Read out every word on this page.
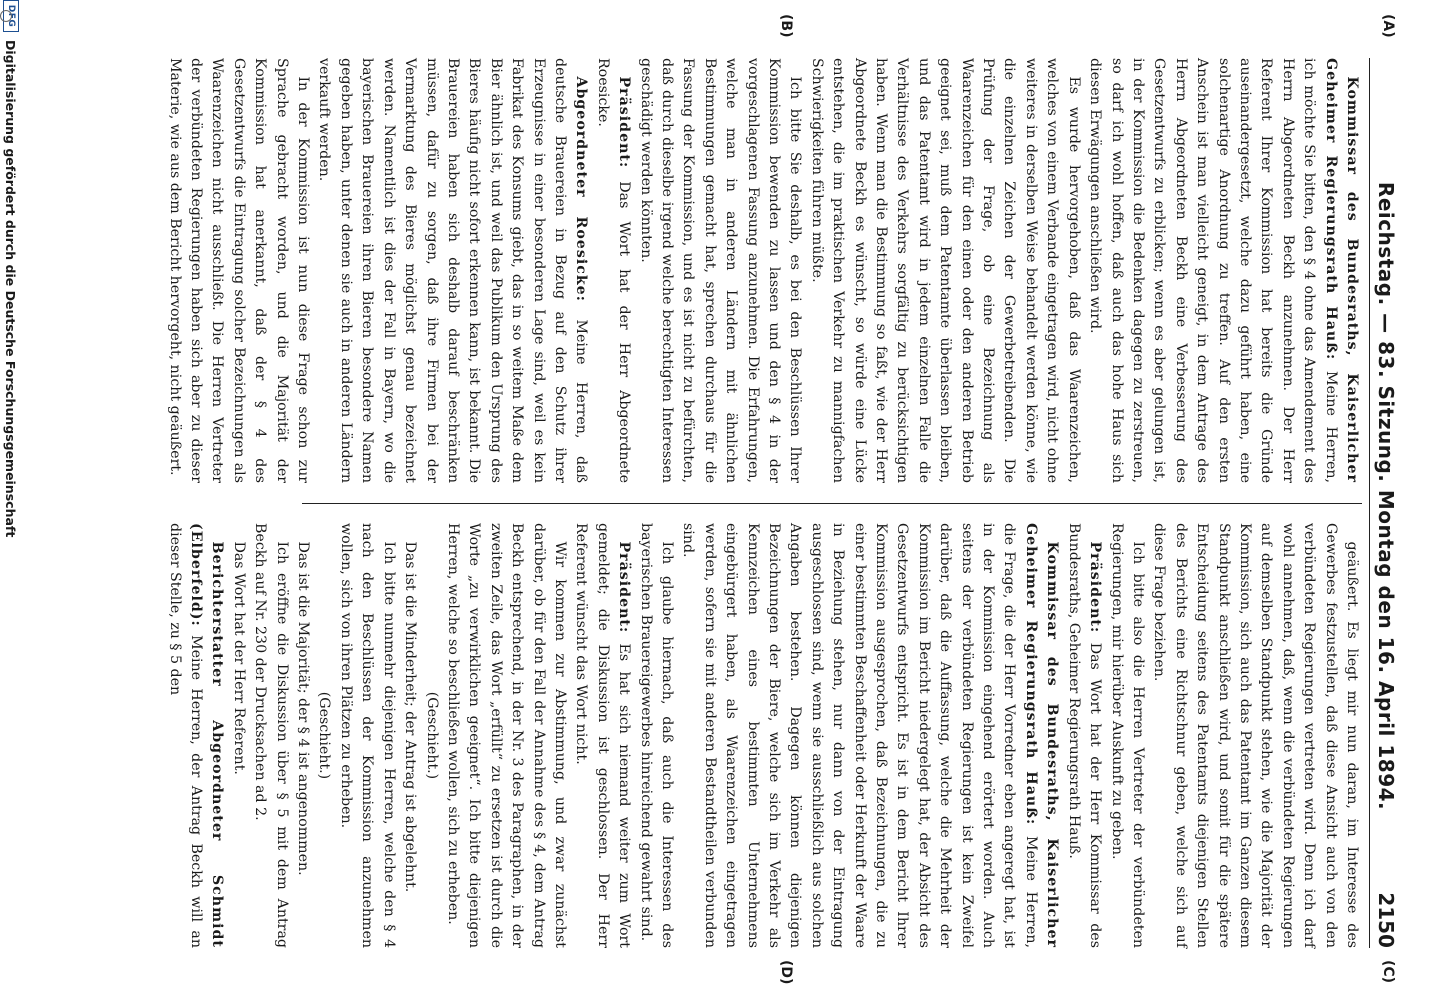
Reichstag. — 83. Sitzung. Montag den 16. April 1894.
2150
(A)
(B)
(C)
(D)

Kommissar des Bundesraths, Kaiserlicher Geheimer Regierungsrath Hauß: Meine Herren, ich möchte Sie bitten, den § 4 ohne das Amendement des Herrn Abgeordneten Beckh anzunehmen. Der Herr Referent Ihrer Kommission hat bereits die Gründe auseinandergesetzt, welche dazu geführt haben, eine solchenartige Anordnung zu treffen. Auf den ersten Anschein ist man vielleicht geneigt, in dem Antrage des Herrn Abgeordneten Beckh eine Verbesserung des Gesetzentwurfs zu erblicken; wenn es aber gelungen ist, in der Kommission die Bedenken dagegen zu zerstreuen, so darf ich wohl hoffen, daß auch das hohe Haus sich diesen Erwägungen anschließen wird.

Es wurde hervorgehoben, daß das Waarenzeichen, welches von einem Verbande eingetragen wird, nicht ohne weiteres in derselben Weise behandelt werden könne, wie die einzelnen Zeichen der Gewerbetreibenden. Die Prüfung der Frage, ob eine Bezeichnung als Waarenzeichen für den einen oder den anderen Betrieb geeignet sei, muß dem Patentamte überlassen bleiben, und das Patentamt wird in jedem einzelnen Falle die Verhältnisse des Verkehrs sorgfältig zu berücksichtigen haben. Wenn man die Bestimmung so faßt, wie der Herr Abgeordnete Beckh es wünscht, so würde eine Lücke entstehen, die im praktischen Verkehr zu mannigfachen Schwierigkeiten führen müßte.

Ich bitte Sie deshalb, es bei den Beschlüssen Ihrer Kommission bewenden zu lassen und den § 4 in der vorgeschlagenen Fassung anzunehmen. Die Erfahrungen, welche man in anderen Ländern mit ähnlichen Bestimmungen gemacht hat, sprechen durchaus für die Fassung der Kommission, und es ist nicht zu befürchten, daß durch dieselbe irgend welche berechtigten Interessen geschädigt werden könnten.

Präsident: Das Wort hat der Herr Abgeordnete Roesicke.

Abgeordneter Roesicke: Meine Herren, daß deutsche Brauereien in Bezug auf den Schutz ihrer Erzeugnisse in einer besonderen Lage sind, weil es kein Fabrikat des Konsums giebt, das in so weitem Maße dem Bier ähnlich ist, und weil das Publikum den Ursprung des Bieres häufig nicht sofort erkennen kann, ist bekannt. Die Brauereien haben sich deshalb darauf beschränken müssen, dafür zu sorgen, daß ihre Firmen bei der Vermarktung des Bieres möglichst genau bezeichnet werden. Namentlich ist dies der Fall in Bayern, wo die bayerischen Brauereien ihren Bieren besondere Namen gegeben haben, unter denen sie auch in anderen Ländern verkauft werden.

In der Kommission ist nun diese Frage schon zur Sprache gebracht worden, und die Majorität der Kommission hat anerkannt, daß der § 4 des Gesetzentwurfs die Eintragung solcher Bezeichnungen als Waarenzeichen nicht ausschließt. Die Herren Vertreter der verbündeten Regierungen haben sich aber zu dieser Materie, wie aus dem Bericht hervorgeht, nicht geäußert.

geäußert. Es liegt mir nun daran, im Interesse des Gewerbes festzustellen, daß diese Ansicht auch von den verbündeten Regierungen vertreten wird. Denn ich darf wohl annehmen, daß, wenn die verbündeten Regierungen auf demselben Standpunkt stehen, wie die Majorität der Kommission, sich auch das Patentamt im Ganzen diesem Standpunkt anschließen wird, und somit für die spätere Entscheidung seitens des Patentamts diejenigen Stellen des Berichts eine Richtschnur geben, welche sich auf diese Frage beziehen.

Ich bitte also die Herren Vertreter der verbündeten Regierungen, mir hierüber Auskunft zu geben.

Präsident: Das Wort hat der Herr Kommissar des Bundesraths, Geheimer Regierungsrath Hauß.

Kommissar des Bundesraths, Kaiserlicher Geheimer Regierungsrath Hauß: Meine Herren, die Frage, die der Herr Vorredner eben angeregt hat, ist in der Kommission eingehend erörtert worden. Auch seitens der verbündeten Regierungen ist kein Zweifel darüber, daß die Auffassung, welche die Mehrheit der Kommission im Bericht niedergelegt hat, der Absicht des Gesetzentwurfs entspricht. Es ist in dem Bericht Ihrer Kommission ausgesprochen, daß Bezeichnungen, die zu einer bestimmten Beschaffenheit oder Herkunft der Waare in Beziehung stehen, nur dann von der Eintragung ausgeschlossen sind, wenn sie ausschließlich aus solchen Angaben bestehen. Dagegen können diejenigen Bezeichnungen der Biere, welche sich im Verkehr als Kennzeichen eines bestimmten Unternehmens eingebürgert haben, als Waarenzeichen eingetragen werden, sofern sie mit anderen Bestandtheilen verbunden sind.

Ich glaube hiernach, daß auch die Interessen des bayerischen Brauereigewerbes hinreichend gewahrt sind.

Präsident: Es hat sich niemand weiter zum Wort gemeldet; die Diskussion ist geschlossen. Der Herr Referent wünscht das Wort nicht.

Wir kommen zur Abstimmung, und zwar zunächst darüber, ob für den Fall der Annahme des § 4, dem Antrag Beckh entsprechend, in der Nr. 3 des Paragraphen, in der zweiten Zeile, das Wort „erfüllt“ zu ersetzen ist durch die Worte „zu verwirklichen geeignet“. Ich bitte diejenigen Herren, welche so beschließen wollen, sich zu erheben.

(Geschieht.)

Das ist die Minderheit; der Antrag ist abgelehnt.

Ich bitte nunmehr diejenigen Herren, welche den § 4 nach den Beschlüssen der Kommission anzunehmen wollen, sich von ihren Plätzen zu erheben.

(Geschieht.)

Das ist die Majorität; der § 4 ist angenommen.

Ich eröffne die Diskussion über § 5 mit dem Antrag Beckh auf Nr. 230 der Drucksachen ad 2.

Das Wort hat der Herr Referent.

Berichterstatter Abgeordneter Schmidt (Elberfeld): Meine Herren, der Antrag Beckh will an dieser Stelle, zu § 5 den

DFG
Digitalisierung gefördert durch die Deutsche Forschungsgemeinschaft
